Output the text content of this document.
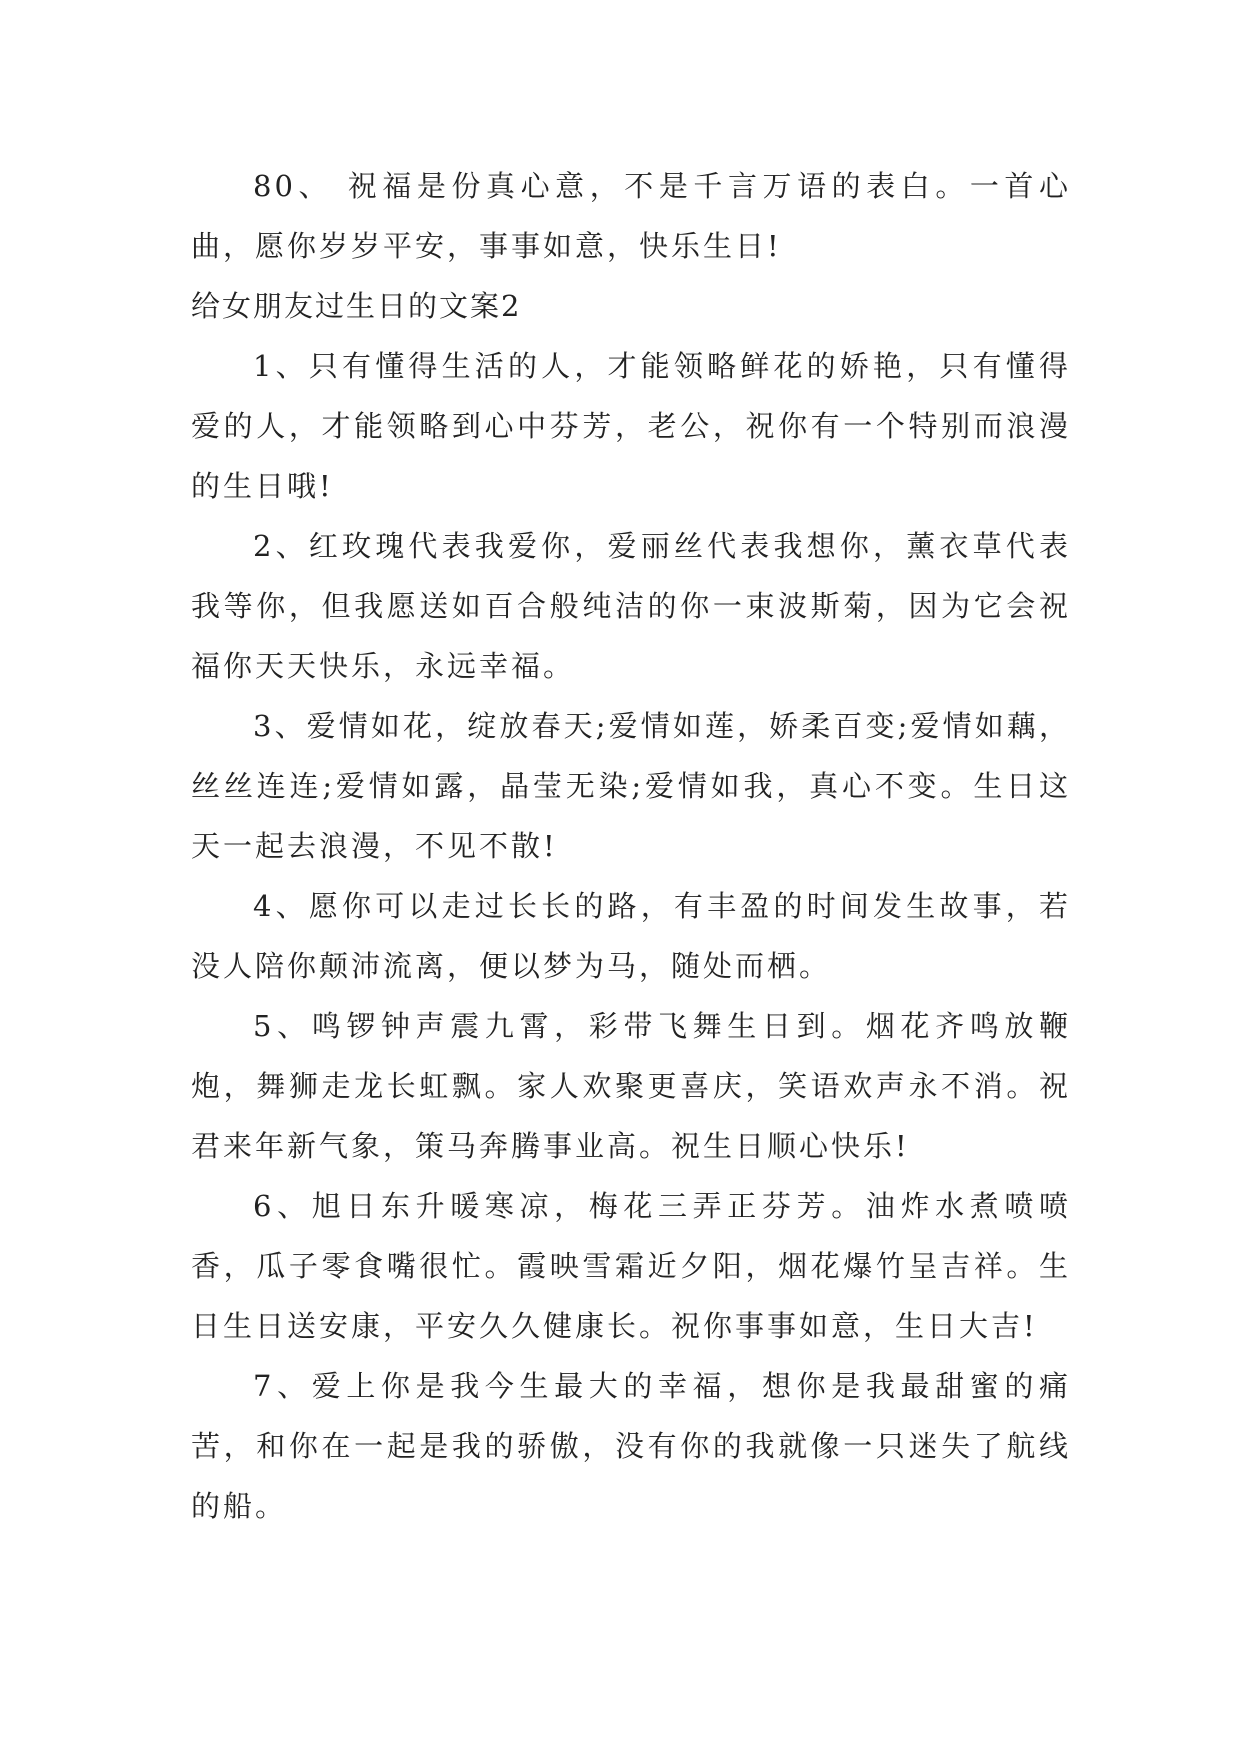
80、 祝福是份真心意，不是千言万语的表白。一首心曲，愿你岁岁平安，事事如意，快乐生日!

给女朋友过生日的文案2

1、只有懂得生活的人，才能领略鲜花的娇艳，只有懂得爱的人，才能领略到心中芬芳，老公，祝你有一个特别而浪漫的生日哦!

2、红玫瑰代表我爱你，爱丽丝代表我想你，薰衣草代表我等你，但我愿送如百合般纯洁的你一束波斯菊，因为它会祝福你天天快乐，永远幸福。

3、爱情如花，绽放春天;爱情如莲，娇柔百变;爱情如藕，丝丝连连;爱情如露，晶莹无染;爱情如我，真心不变。生日这天一起去浪漫，不见不散!

4、愿你可以走过长长的路，有丰盈的时间发生故事，若没人陪你颠沛流离，便以梦为马，随处而栖。

5、鸣锣钟声震九霄，彩带飞舞生日到。烟花齐鸣放鞭炮，舞狮走龙长虹飘。家人欢聚更喜庆，笑语欢声永不消。祝君来年新气象，策马奔腾事业高。祝生日顺心快乐!

6、旭日东升暖寒凉，梅花三弄正芬芳。油炸水煮喷喷香，瓜子零食嘴很忙。霞映雪霜近夕阳，烟花爆竹呈吉祥。生日生日送安康，平安久久健康长。祝你事事如意，生日大吉!

7、爱上你是我今生最大的幸福，想你是我最甜蜜的痛苦，和你在一起是我的骄傲，没有你的我就像一只迷失了航线的船。
